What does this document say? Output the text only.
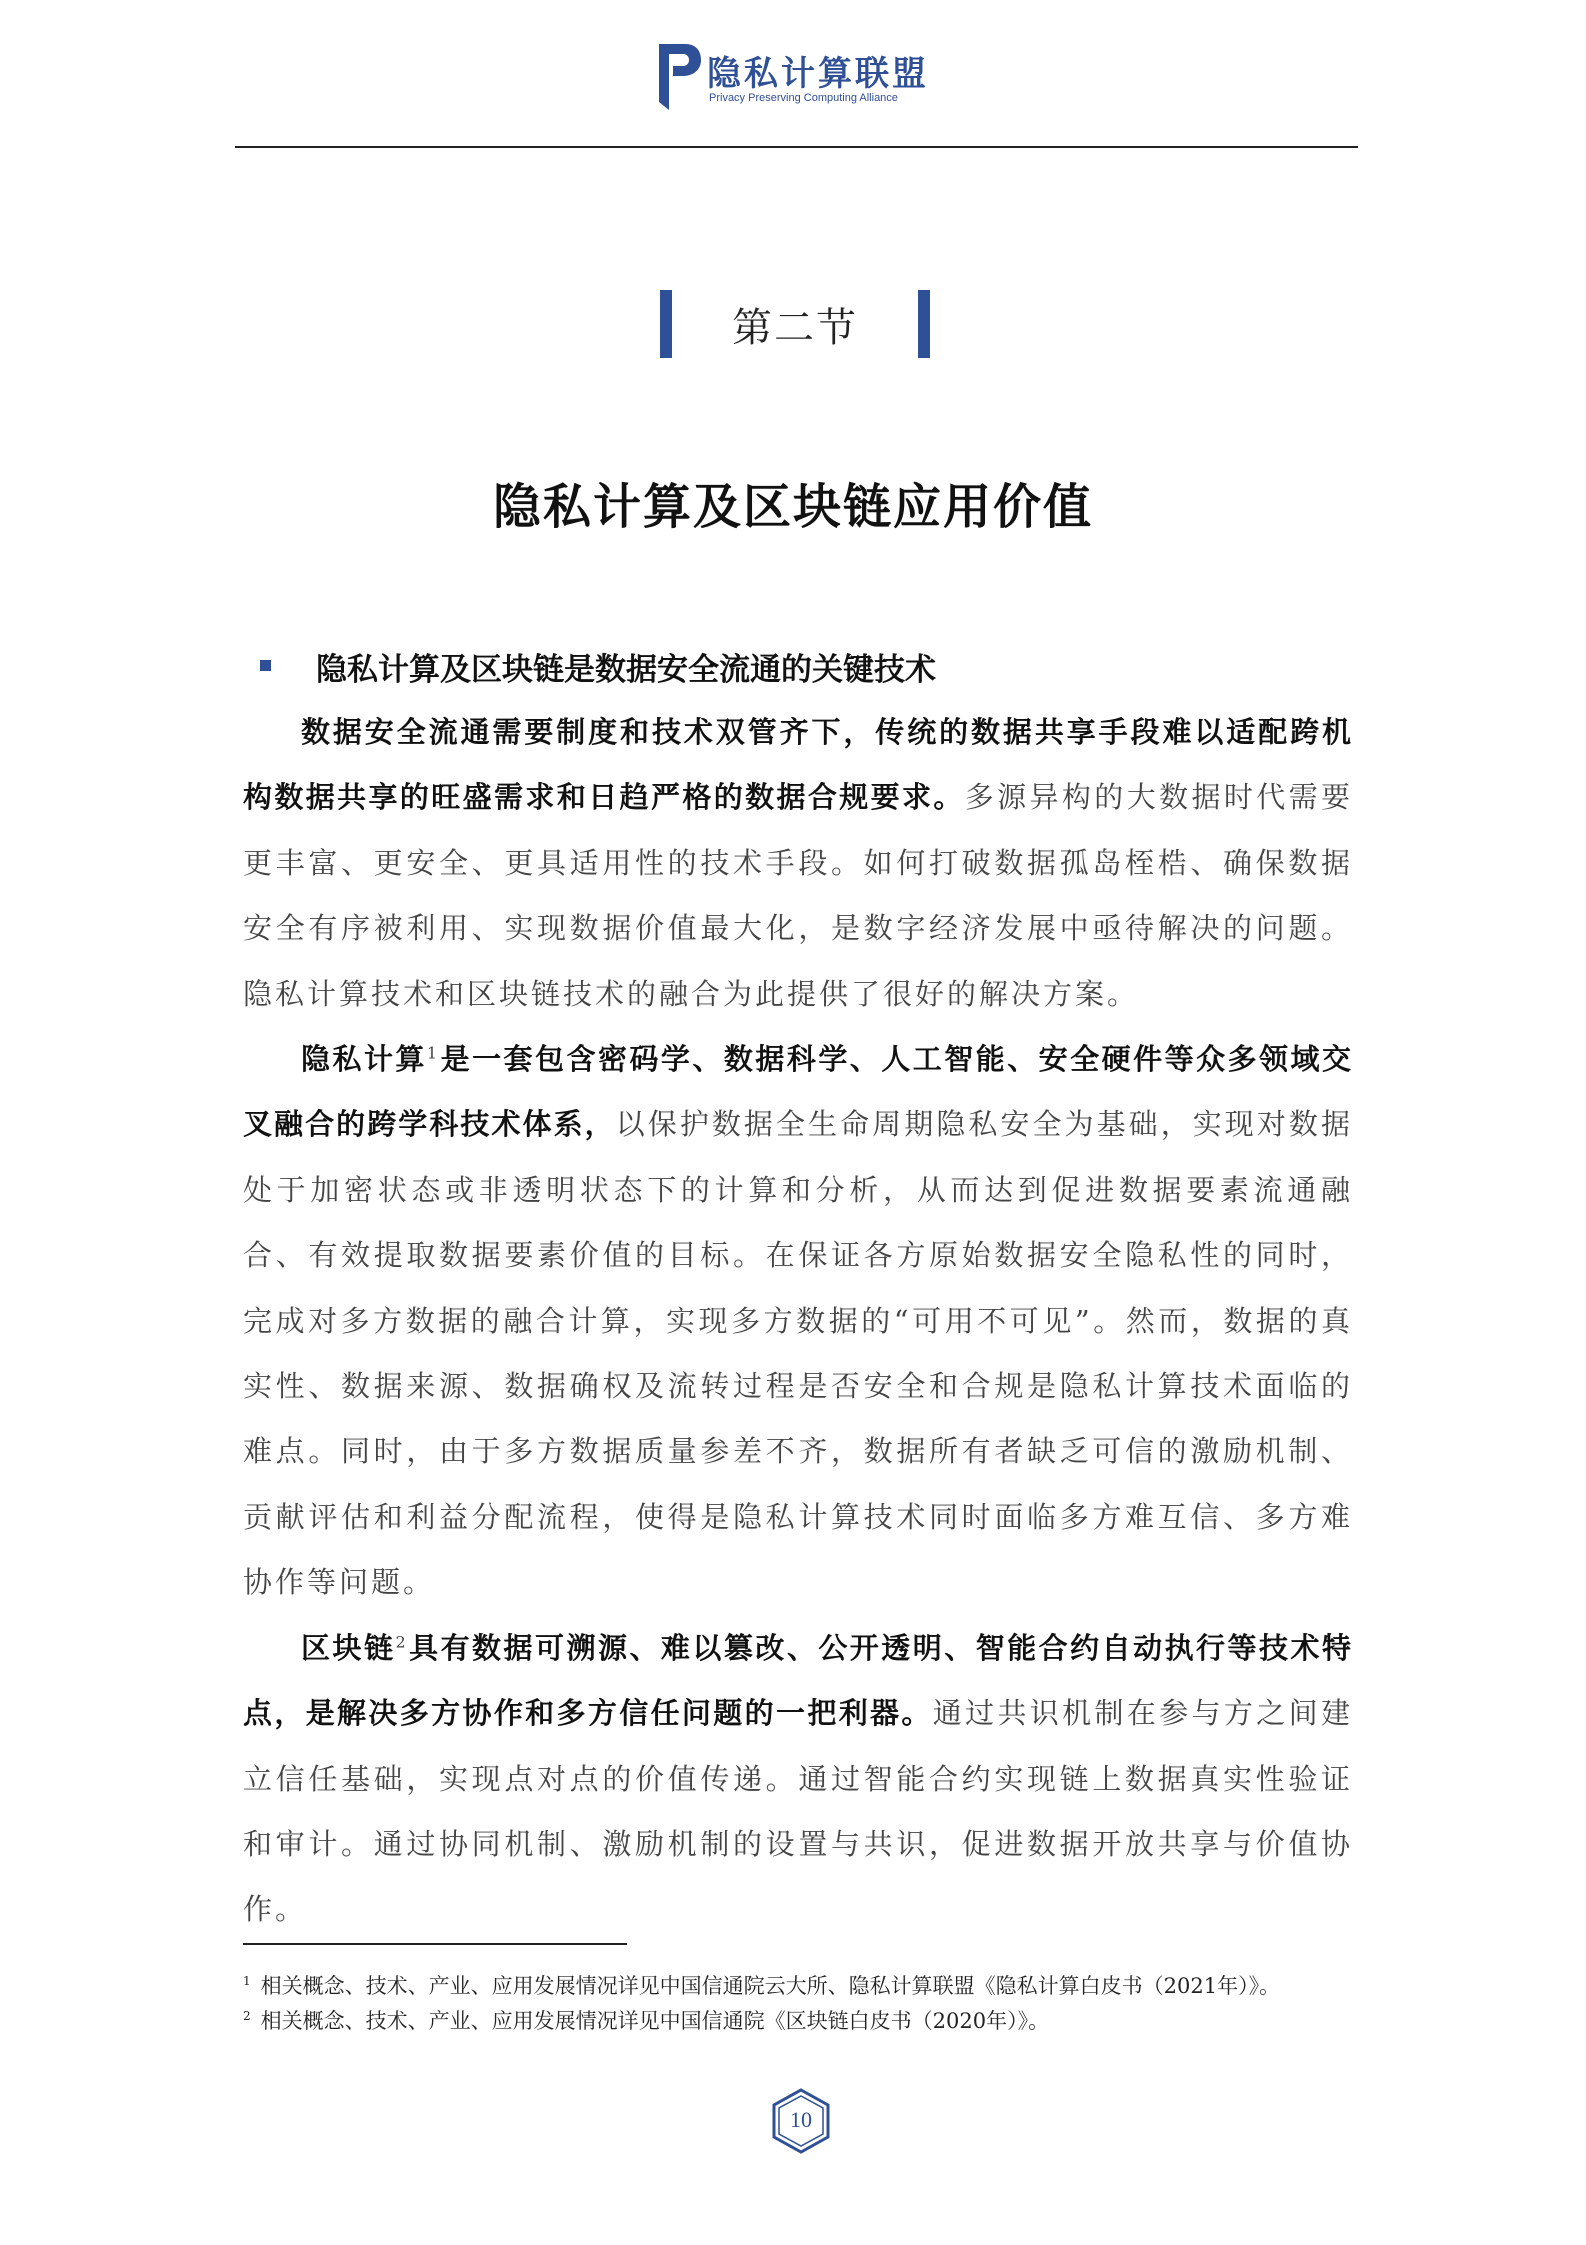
隐私计算联盟
Privacy Preserving Computing Alliance
第二节
隐私计算及区块链应用价值
隐私计算及区块链是数据安全流通的关键技术

数据安全流通需要制度和技术双管齐下，传统的数据共享手段难以适配跨机构数据共享的旺盛需求和日趋严格的数据合规要求。多源异构的大数据时代需要更丰富、更安全、更具适用性的技术手段。如何打破数据孤岛桎梏、确保数据安全有序被利用、实现数据价值最大化，是数字经济发展中亟待解决的问题。隐私计算技术和区块链技术的融合为此提供了很好的解决方案。

隐私计算$^1$是一套包含密码学、数据科学、人工智能、安全硬件等众多领域交叉融合的跨学科技术体系，以保护数据全生命周期隐私安全为基础，实现对数据处于加密状态或非透明状态下的计算和分析，从而达到促进数据要素流通融合、有效提取数据要素价值的目标。在保证各方原始数据安全隐私性的同时，完成对多方数据的融合计算，实现多方数据的“可用不可见”。然而，数据的真实性、数据来源、数据确权及流转过程是否安全和合规是隐私计算技术面临的难点。同时，由于多方数据质量参差不齐，数据所有者缺乏可信的激励机制、贡献评估和利益分配流程，使得是隐私计算技术同时面临多方难互信、多方难协作等问题。

区块链$^2$具有数据可溯源、难以篡改、公开透明、智能合约自动执行等技术特点，是解决多方协作和多方信任问题的一把利器。通过共识机制在参与方之间建立信任基础，实现点对点的价值传递。通过智能合约实现链上数据真实性验证和审计。通过协同机制、激励机制的设置与共识，促进数据开放共享与价值协作。

$^1$ 相关概念、技术、产业、应用发展情况详见中国信通院云大所、隐私计算联盟《隐私计算白皮书（2021年）》。

$^2$ 相关概念、技术、产业、应用发展情况详见中国信通院《区块链白皮书（2020年）》。

10
